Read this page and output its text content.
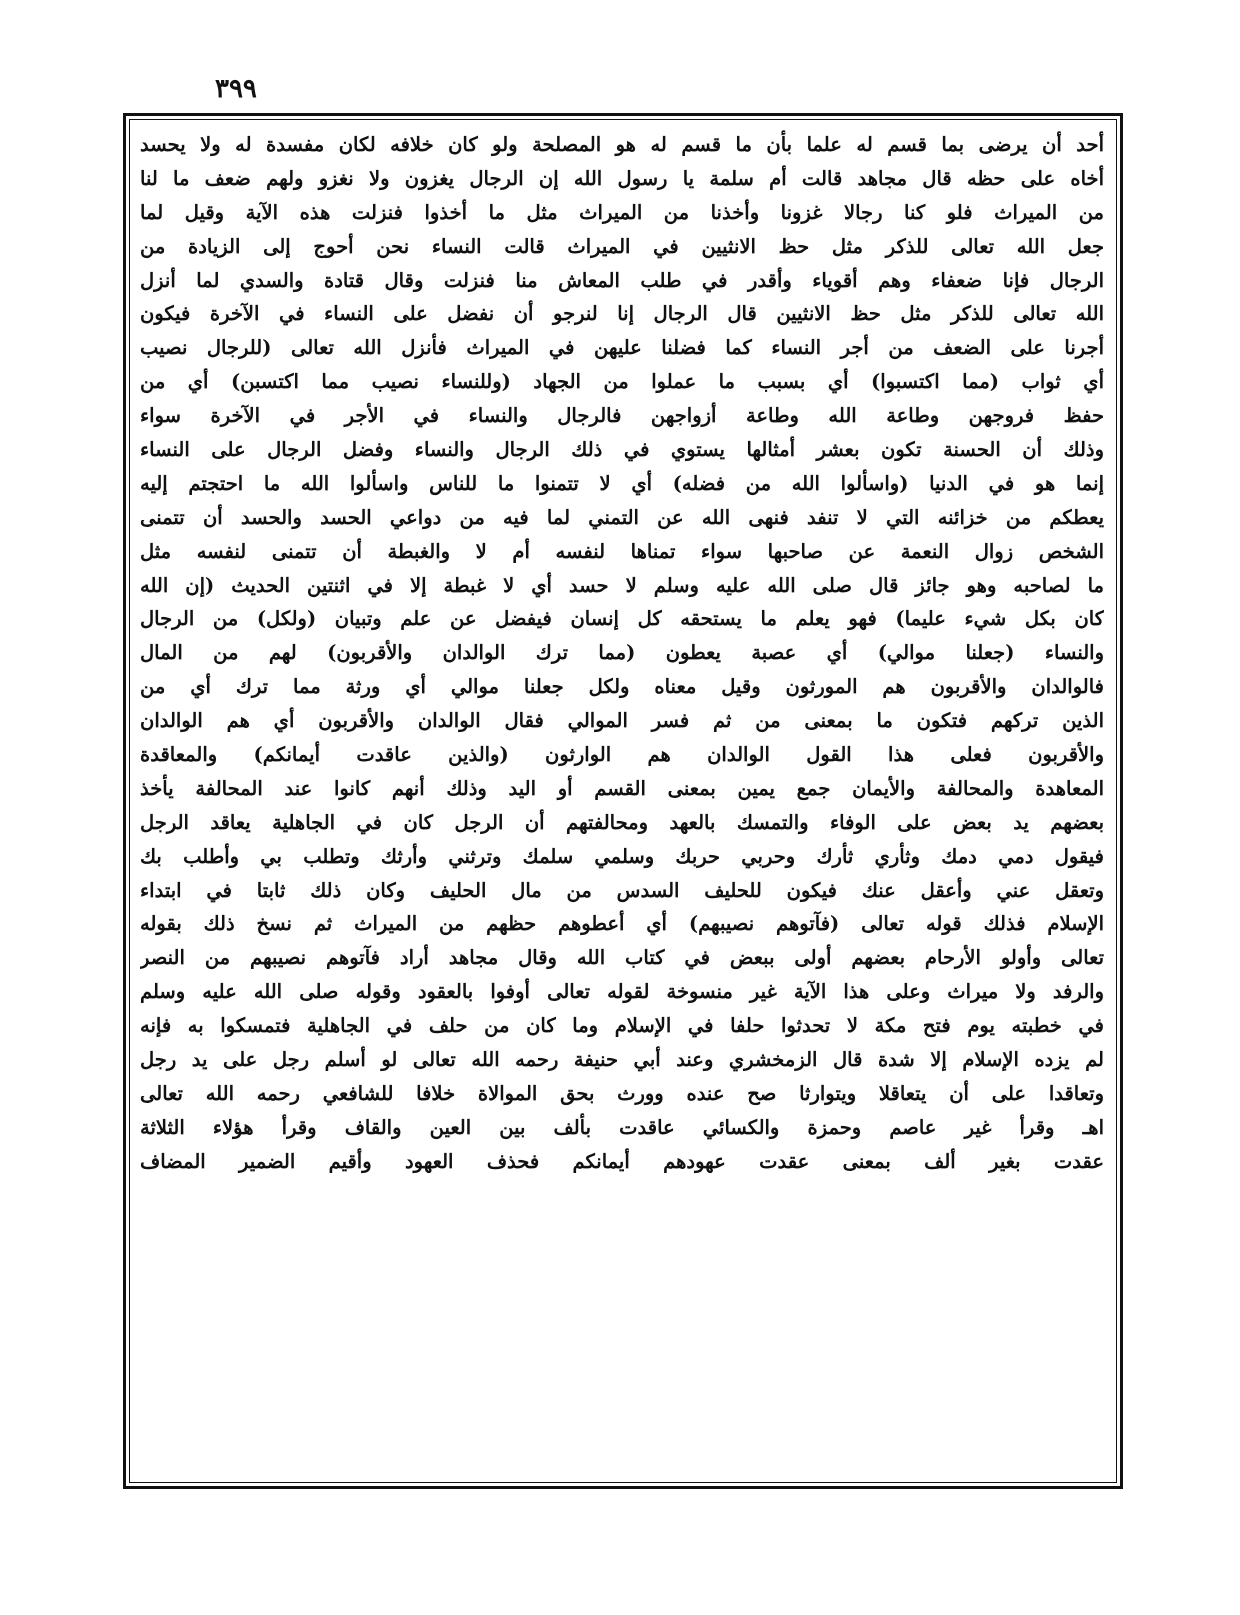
٣٩٩
أحد أن يرضى بما قسم له علما بأن ما قسم له هو المصلحة ولو كان خلافه لكان مفسدة له ولا يحسد
أخاه على حظه قال مجاهد قالت أم سلمة يا رسول الله إن الرجال يغزون ولا نغزو ولهم ضعف ما لنا
من الميراث فلو كنا رجالا غزونا وأخذنا من الميراث مثل ما أخذوا فنزلت هذه الآية وقيل لما
جعل الله تعالى للذكر مثل حظ الانثيين في الميراث قالت النساء نحن أحوج إلى الزيادة من
الرجال فإنا ضعفاء وهم أقوياء وأقدر في طلب المعاش منا فنزلت وقال قتادة والسدي لما أنزل
الله تعالى للذكر مثل حظ الانثيين قال الرجال إنا لنرجو أن نفضل على النساء في الآخرة فيكون
أجرنا على الضعف من أجر النساء كما فضلنا عليهن في الميراث فأنزل الله تعالى (للرجال نصيب
أي ثواب (مما اكتسبوا) أي بسبب ما عملوا من الجهاد (وللنساء نصيب مما اكتسبن) أي من
حفظ فروجهن وطاعة الله وطاعة أزواجهن فالرجال والنساء في الأجر في الآخرة سواء
وذلك أن الحسنة تكون بعشر أمثالها يستوي في ذلك الرجال والنساء وفضل الرجال على النساء
إنما هو في الدنيا (واسألوا الله من فضله) أي لا تتمنوا ما للناس واسألوا الله ما احتجتم إليه
يعطكم من خزائنه التي لا تنفد فنهى الله عن التمني لما فيه من دواعي الحسد والحسد أن تتمنى
الشخص زوال النعمة عن صاحبها سواء تمناها لنفسه أم لا والغبطة أن تتمنى لنفسه مثل
ما لصاحبه وهو جائز قال صلى الله عليه وسلم لا حسد أي لا غبطة إلا في اثنتين الحديث (إن الله
كان بكل شيء عليما) فهو يعلم ما يستحقه كل إنسان فيفضل عن علم وتبيان (ولكل) من الرجال
والنساء (جعلنا موالي) أي عصبة يعطون (مما ترك الوالدان والأقربون) لهم من المال
فالوالدان والأقربون هم المورثون وقيل معناه ولكل جعلنا موالي أي ورثة مما ترك أي من
الذين تركهم فتكون ما بمعنى من ثم فسر الموالي فقال الوالدان والأقربون أي هم الوالدان
والأقربون فعلى هذا القول الوالدان هم الوارثون (والذين عاقدت أيمانكم) والمعاقدة
المعاهدة والمحالفة والأيمان جمع يمين بمعنى القسم أو اليد وذلك أنهم كانوا عند المحالفة يأخذ
بعضهم يد بعض على الوفاء والتمسك بالعهد ومحالفتهم أن الرجل كان في الجاهلية يعاقد الرجل
فيقول دمي دمك وثأري ثأرك وحربي حربك وسلمي سلمك وترثني وأرثك وتطلب بي وأطلب بك
وتعقل عني وأعقل عنك فيكون للحليف السدس من مال الحليف وكان ذلك ثابتا في ابتداء
الإسلام فذلك قوله تعالى (فآتوهم نصيبهم) أي أعطوهم حظهم من الميراث ثم نسخ ذلك بقوله
تعالى وأولو الأرحام بعضهم أولى ببعض في كتاب الله وقال مجاهد أراد فآتوهم نصيبهم من النصر
والرفد ولا ميراث وعلى هذا الآية غير منسوخة لقوله تعالى أوفوا بالعقود وقوله صلى الله عليه وسلم
في خطبته يوم فتح مكة لا تحدثوا حلفا في الإسلام وما كان من حلف في الجاهلية فتمسكوا به فإنه
لم يزده الإسلام إلا شدة قال الزمخشري وعند أبي حنيفة رحمه الله تعالى لو أسلم رجل على يد رجل
وتعاقدا على أن يتعاقلا ويتوارثا صح عنده وورث بحق الموالاة خلافا للشافعي رحمه الله تعالى
اهـ وقرأ غير عاصم وحمزة والكسائي عاقدت بألف بين العين والقاف وقرأ هؤلاء الثلاثة
عقدت بغير ألف بمعنى عقدت عهودهم أيمانكم فحذف العهود وأقيم الضمير المضاف
